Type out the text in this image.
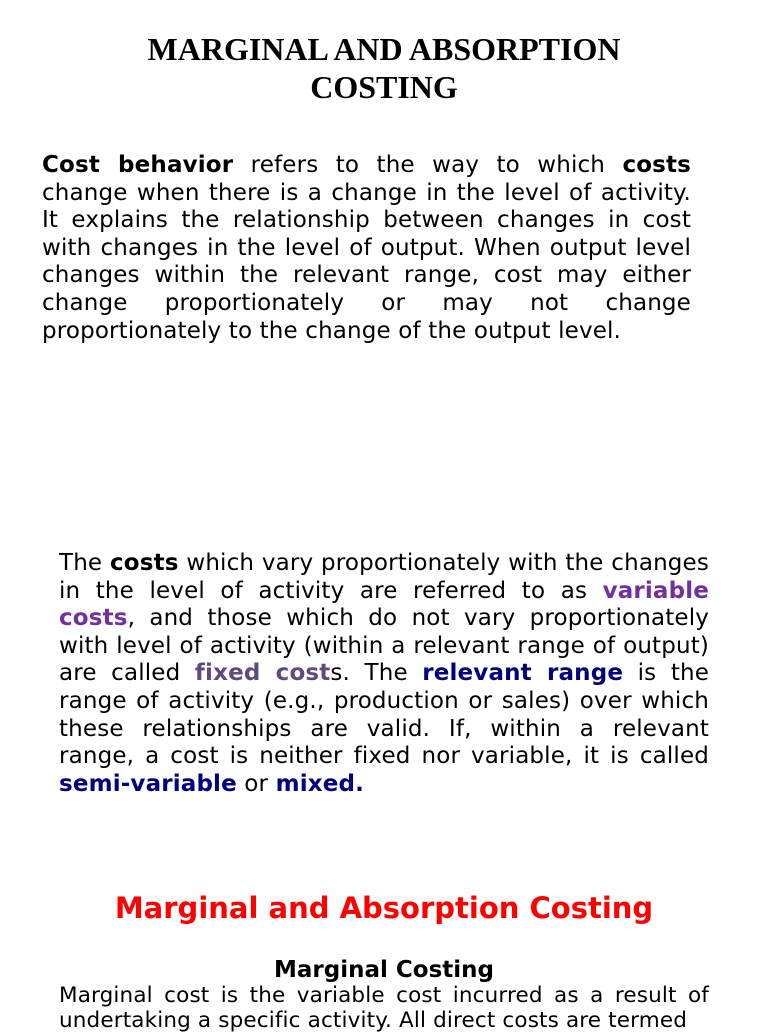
MARGINAL AND ABSORPTION
COSTING

Cost behavior refers to the way to which costs change when there is a change in the level of activity. It explains the relationship between changes in cost with changes in the level of output. When output level changes within the relevant range, cost may either change proportionately or may not change proportionately to the change of the output level.

The costs which vary proportionately with the changes in the level of activity are referred to as variable costs, and those which do not vary proportionately with level of activity (within a relevant range of output) are called fixed costs. The relevant range is the range of activity (e.g., production or sales) over which these relationships are valid. If, within a relevant range, a cost is neither fixed nor variable, it is called semi-variable or mixed.

Marginal and Absorption Costing
Marginal Costing

Marginal cost is the variable cost incurred as a result of undertaking a specific activity. All direct costs are termed
